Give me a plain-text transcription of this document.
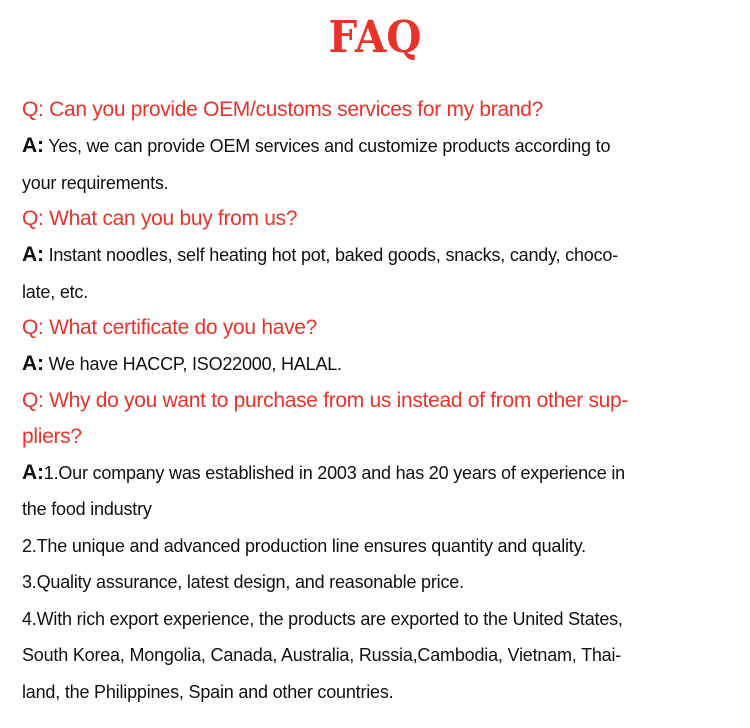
FAQ
Q: Can you provide OEM/customs services for my brand?
A: Yes, we can provide OEM services and customize products according to
your requirements.
Q: What can you buy from us?
A: Instant noodles, self heating hot pot, baked goods, snacks, candy, choco-
late, etc.
Q: What certificate do you have?
A: We have HACCP, ISO22000, HALAL.
Q: Why do you want to purchase from us instead of from other sup-
pliers?
A:1.Our company was established in 2003 and has 20 years of experience in
the food industry
2.The unique and advanced production line ensures quantity and quality.
3.Quality assurance, latest design, and reasonable price.
4.With rich export experience, the products are exported to the United States,
South Korea, Mongolia, Canada, Australia, Russia,Cambodia, Vietnam, Thai-
land, the Philippines, Spain and other countries.
